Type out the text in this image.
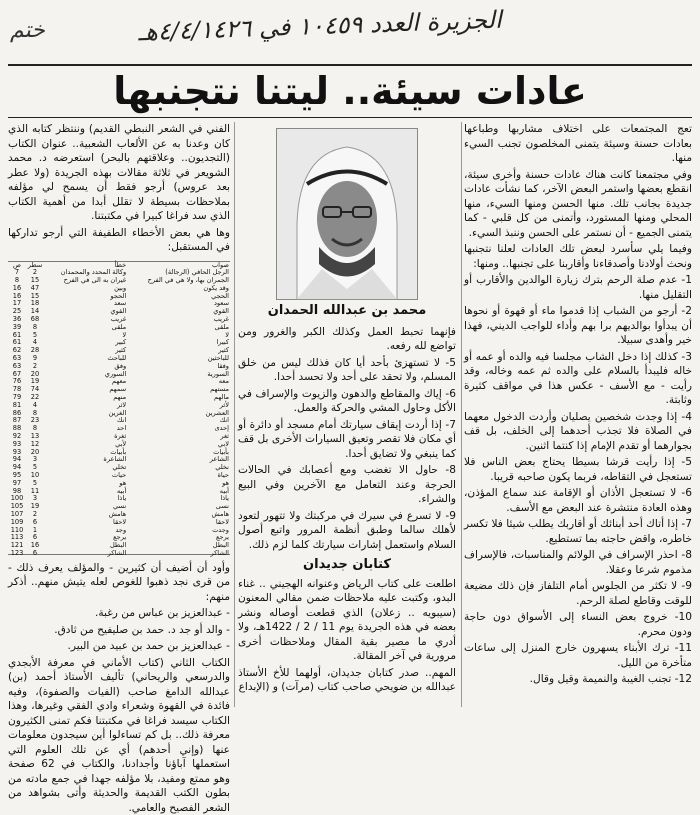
ختم	الجزيرة العدد ١٠٤٥٩ في ٤/٤/١٤٢٦هـ
عادات سيئة.. ليتنا نتجنبها

تعج المجتمعات على اختلاف مشاربها وطباعها بعادات حسنة وسيئة يتمنى المخلصون تجنب السيء منها.

وفي مجتمعنا كانت هناك عادات حسنة وأخرى سيئة، انقطع بعضها واستمر البعض الآخر، كما نشأت عادات جديدة بجانب تلك. منها الحسن ومنها السيء، منها المحلي ومنها المستورد، وأتمنى من كل قلبي - كما يتمنى الجميع - أن نستمر على الحسن وننبذ السيء.

وفيما يلي سأسرد لبعض تلك العادات لعلنا نتجنبها ونحث أولادنا وأصدقاءنا وأقاربنا على تجنبها.. ومنها:

1- عدم صلة الرحم بترك زيارة الوالدين والأقارب أو التقليل منها.

2- أرجو من الشباب إذا قدموا ماء أو قهوة أو نحوها أن يبدأوا بوالديهم برا بهم وأداء للواجب الديني، فهذا خير وأهدى سبيلا.

3- كذلك إذا دخل الشاب مجلسا فيه والده أو عمه أو خاله فليبدأ بالسلام على والده ثم عمه وخاله، وقد رأيت - مع الأسف - عكس هذا في مواقف كثيرة وثابتة.

4- إذا وجدت شخصين يصليان وأردت الدخول معهما في الصلاة فلا تجذب أحدهما إلى الخلف، بل قف بجوارهما أو تقدم الإمام إذا كنتما اثنين.

5- إذا رأيت قرشا بسيطا يحتاج بعض الناس فلا تستعجل في التقاطه، فربما يكون صاحبه قريبا.

6- لا تستعجل الأذان أو الإقامة عند سماع المؤذن، وهذه العادة منتشرة عند البعض مع الأسف.

7- إذا أتاك أحد أبنائك أو أقاربك يطلب شيئا فلا تكسر خاطره، واقض حاجته بما تستطيع.

8- احذر الإسراف في الولائم والمناسبات، فالإسراف مذموم شرعا وعقلا.

9- لا تكثر من الجلوس أمام التلفاز فإن ذلك مضيعة للوقت وقاطع لصلة الرحم.

10- خروج بعض النساء إلى الأسواق دون حاجة ودون محرم.

11- ترك الأبناء يسهرون خارج المنزل إلى ساعات متأخرة من الليل.

12- تجنب الغيبة والنميمة وقيل وقال.

محمد بن عبدالله الحمدان

فإنهما تحبط العمل وكذلك الكبر والغرور ومن تواضع لله رفعه.

5- لا تستهزئ بأحد أيا كان فذلك ليس من خلق المسلم، ولا تحقد على أحد ولا تحسد أحدا.

6- إياك والمقاطع والدهون والزيوت والإسراف في الأكل وحاول المشي والحركة والعمل.

7- إذا أردت إيقاف سيارتك أمام مسجد أو دائرة أو أي مكان فلا تقصر وتعيق السيارات الأخرى بل قف كما ينبغي ولا تضايق أحدا.

8- حاول الا تغضب ومع أعصابك في الحالات الحرجة وعند التعامل مع الآخرين وفي البيع والشراء.

9- لا تسرع في سيرك في مركبتك ولا تتهور لتعود لأهلك سالما وطبق أنظمة المرور واتبع أصول السلام واستعمل إشارات سيارتك كلما لزم ذلك.

كتابان جديدان

اطلعت على كتاب الرياض وعنوانه الهجيني .. غناء البدو، وكتبت عليه ملاحظات ضمن مقالي المعنون (سيبويه .. زعلان) الذي قطعت أوصاله ونشر بعضه في هذه الجريدة يوم 11 / 2 / 1422هـ، ولا أدري ما مصير بقية المقال وملاحظات أخرى مرورية في آخر المقالة.

المهم.. صدر كتابان جديدان، أولهما للأخ الأستاذ عبدالله بن ضويحي صاحب كتاب (مرآت) و (الإبداع

الفني في الشعر النبطي القديم) وننتظر كتابه الذي كان وعدنا به عن الألعاب الشعبية.. عنوان الكتاب (التجديون.. وعلاقتهم بالبحر) استعرضه د. محمد الشويعر في ثلاثة مقالات بهذه الجريدة (ولا عطر بعد عروس) أرجو فقط أن يسمح لي مؤلفه بملاحظات بسيطة لا تقلل أبدا من أهمية الكتاب الذي سد فراغا كبيرا في مكتبتنا.

وها هي بعض الأخطاء الطفيفة التي أرجو تداركها في المستقبل:

صواب	خطأ	سطر	ص
الرجل الحافي (الرجالة)	وكالة المحدد والمحمدان	2	7
الجمران بها، ولا هي في الفرح	غيران به الى في الفرح	15	8
وقد يكون	وبين	47	16
الحجي	الحجو	15	16
سعود	سعد	18	17
القوي	القوي	14	25
غريب	غريب	68	36
ملقى	ملقى	8	39
لا	لا	5	61
كبيرا	كبير	4	61
كثير	كثير	28	62
للباحثين	للباحث	9	63
وفقا	وفق	2	63
السورية	السوري	20	67
معه	معهم	19	76
مستهم	سمهم	74	78
مالهم	منهم	22	79
لأثر	لاثر	4	81
العشرين	الغرين	8	86
انك	انك	23	87
إحدى	احد	8	88
ثغر	ثغرة	13	92
لابي	لأبي	12	93
بأبيات	بأبيات	20	93
الشاعر	الشاعرة	3	94
نخلي	تخلي	5	94
حياة	حيات	10	95
هو	هو	5	97
أبيه	أبيه	11	98
ياذا	ياذا	3	100
نسى	نسي	19	105
هامش	هامش	2	107
لاحقا	لاحقا	6	109
وجدت	وجد	1	110
يرجع	يرجع	6	113
البطل	البطل	16	121
الشاكر	الشاكر	6	123

وأود أن أضيف أن كثيرين - والمؤلف يعرف ذلك - من قرى نجد ذهبوا للغوص لعله يتيش منهم.. أذكر منهم:

- عبدالعزيز بن عباس من رغبة.

- والد أو جد د. حمد بن صليفيح من ثادق.

- عبدالعزيز بن حمد بن عبيد من البير.

الكتاب الثاني (كتاب الأماني في معرفة الأبجدي والدرسعي والريحاني) تأليف الأستاذ أحمد (بن) عبدالله الدامغ صاحب (الفيات والصفوة)، وفيه فائدة في القهوة وشعراء وادي الفقي وغيرها، وهذا الكتاب سيسد فراغا في مكتبتنا فكم تمنى الكثيرون معرفة ذلك.. بل كم تساءلوا أين سيجدون معلومات عنها (وإني أحدهم) أي عن تلك العلوم التي استعملها آباؤنا وأجدادنا، والكتاب في 62 صفحة وهو ممتع ومفيد، بلا مؤلفه جهدا في جمع مادته من بطون الكتب القديمة والحديثة وأتى بشواهد من الشعر الفصيح والعامي.
